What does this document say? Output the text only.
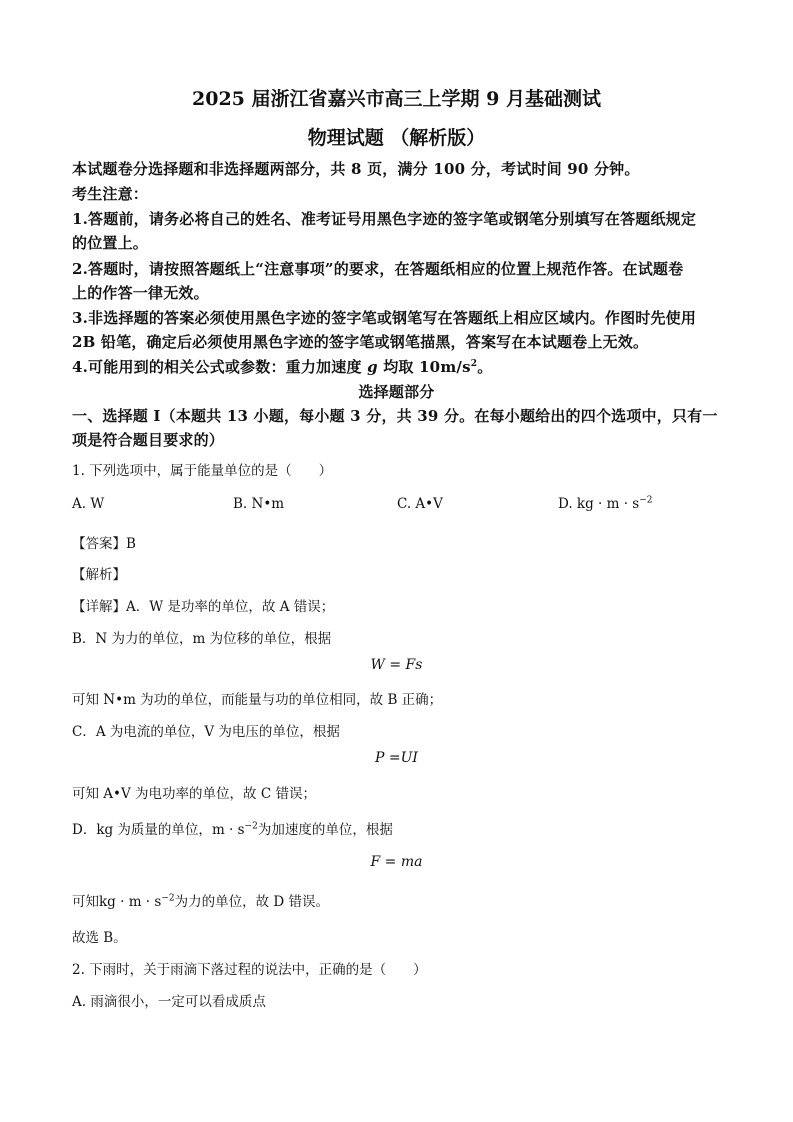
2025 届浙江省嘉兴市高三上学期 9 月基础测试
物理试题 （解析版）
本试题卷分选择题和非选择题两部分，共 8 页，满分 100 分，考试时间 90 分钟。
考生注意：
1.答题前，请务必将自己的姓名、准考证号用黑色字迹的签字笔或钢笔分别填写在答题纸规定
的位置上。
2.答题时，请按照答题纸上“注意事项”的要求，在答题纸相应的位置上规范作答。在试题卷
上的作答一律无效。
3.非选择题的答案必须使用黑色字迹的签字笔或钢笔写在答题纸上相应区域内。作图时先使用
2B 铅笔，确定后必须使用黑色字迹的签字笔或钢笔描黑，答案写在本试题卷上无效。
4.可能用到的相关公式或参数：重力加速度 g 均取 $10m/s^2$。
选择题部分
一、选择题 I（本题共 13 小题，每小题 3 分，共 39 分。在每小题给出的四个选项中，只有一
项是符合题目要求的）
1. 下列选项中，属于能量单位的是（　　）
A. W	B. N•m	C. A•V	D. kg · $m \cdot s^{-2}$
【答案】B
【解析】
【详解】A．W 是功率的单位，故 A 错误；
B．N 为力的单位，m 为位移的单位，根据
W = Fs
可知 N•m 为功的单位，而能量与功的单位相同，故 B 正确；
C．A 为电流的单位，V 为电压的单位，根据
P =UI
可知 A•V 为电功率的单位，故 C 错误；
D．kg 为质量的单位，$m \cdot s^{-2}$为加速度的单位，根据
F = ma
可知kg · $m \cdot s^{-2}$为力的单位，故 D 错误。
故选 B。
2. 下雨时，关于雨滴下落过程的说法中，正确的是（　　）
A. 雨滴很小，一定可以看成质点
